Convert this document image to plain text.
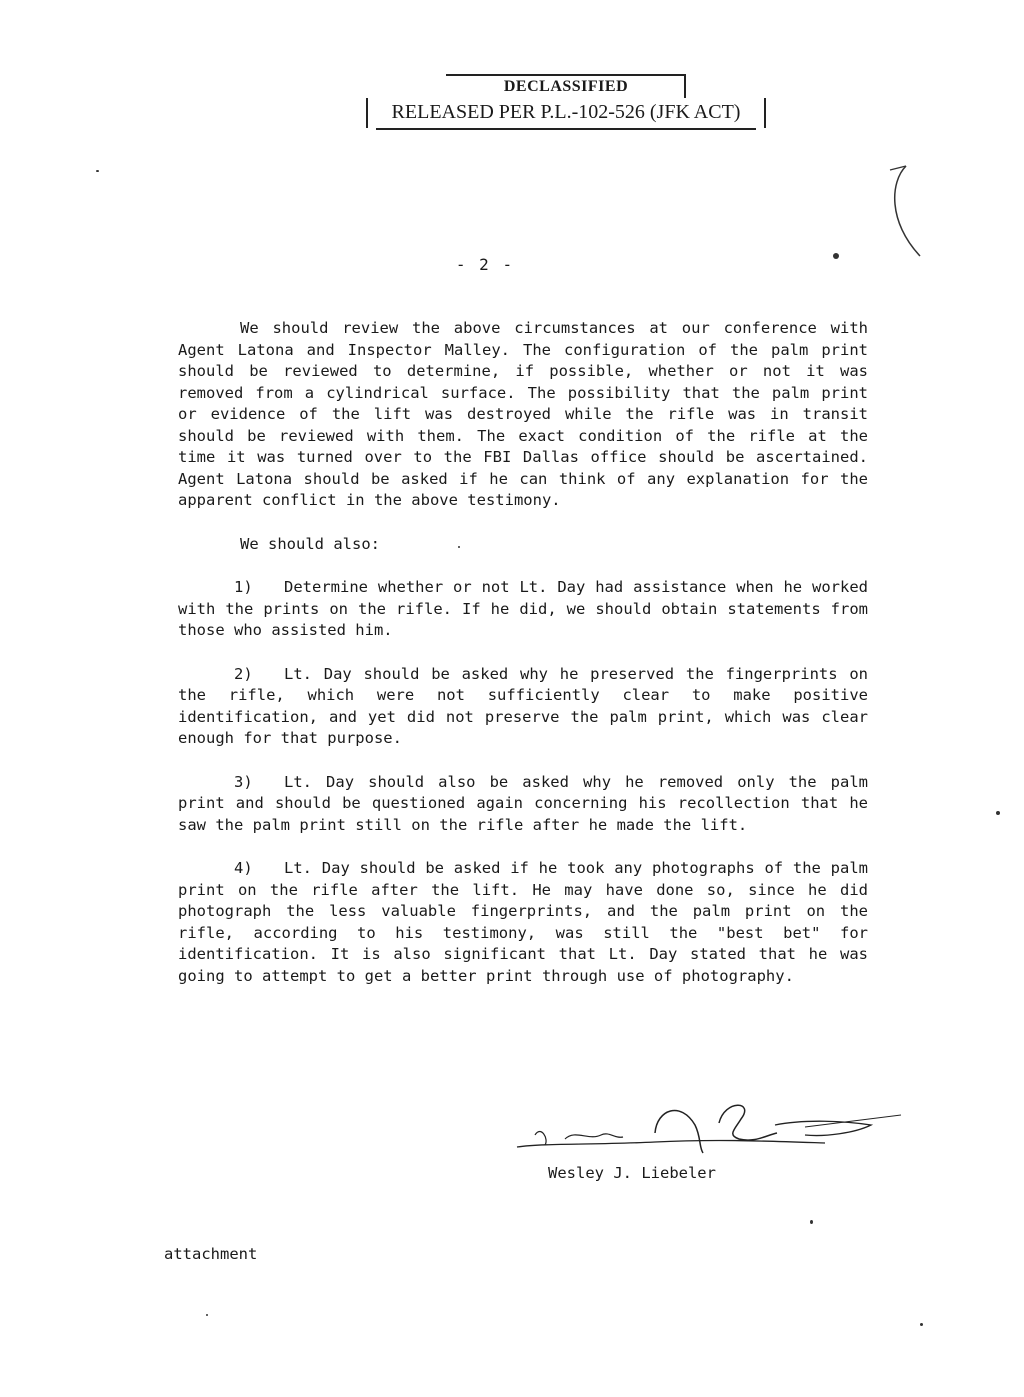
DECLASSIFIED
RELEASED PER P.L.-102-526 (JFK ACT)
- 2 -

We should review the above circumstances at our conference with Agent Latona and Inspector Malley. The configuration of the palm print should be reviewed to determine, if possible, whether or not it was removed from a cylindrical surface. The possibility that the palm print or evidence of the lift was destroyed while the rifle was in transit should be reviewed with them. The exact condition of the rifle at the time it was turned over to the FBI Dallas office should be ascertained. Agent Latona should be asked if he can think of any explanation for the apparent conflict in the above testimony.

We should also:

1) Determine whether or not Lt. Day had assistance when he worked with the prints on the rifle. If he did, we should obtain statements from those who assisted him.

2) Lt. Day should be asked why he preserved the fingerprints on the rifle, which were not sufficiently clear to make positive identification, and yet did not preserve the palm print, which was clear enough for that purpose.

3) Lt. Day should also be asked why he removed only the palm print and should be questioned again concerning his recollection that he saw the palm print still on the rifle after he made the lift.

4) Lt. Day should be asked if he took any photographs of the palm print on the rifle after the lift. He may have done so, since he did photograph the less valuable fingerprints, and the palm print on the rifle, according to his testimony, was still the "best bet" for identification. It is also significant that Lt. Day stated that he was going to attempt to get a better print through use of photography.

Wesley J. Liebeler
attachment
